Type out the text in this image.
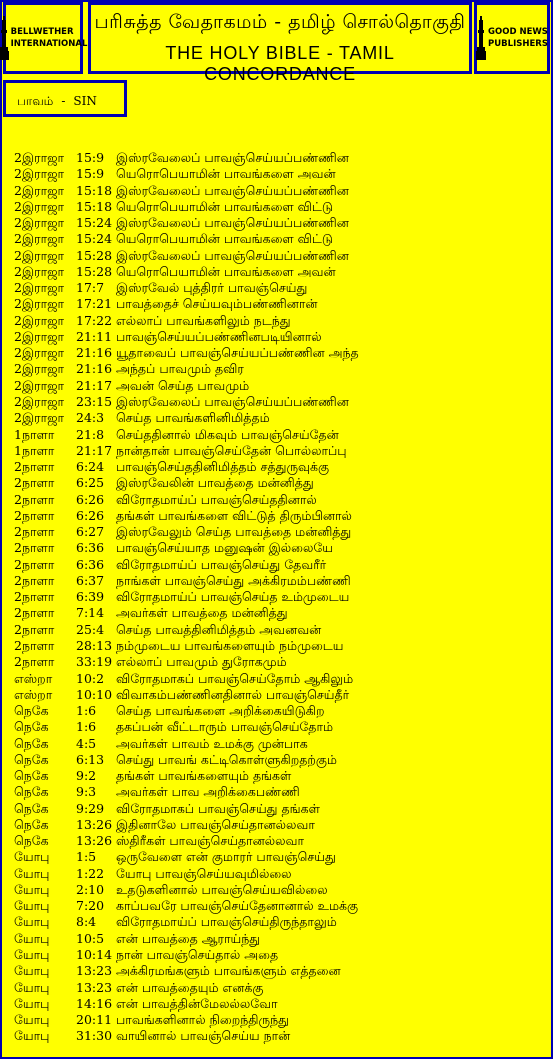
BELLWETHER
INTERNATIONAL
பரிசுத்த வேதாகமம் - தமிழ் சொல்தொகுதி
THE HOLY BIBLE - TAMIL CONCORDANCE
GOOD NEWS
PUBLISHERS
பாவம் - SIN
2இராஜா 15:9 இஸ்ரவேலைப் பாவஞ்செய்யப்பண்ணின
2இராஜா 15:9 யெரொபெயாமின் பாவங்களை அவன்
2இராஜா 15:18 இஸ்ரவேலைப் பாவஞ்செய்யப்பண்ணின
2இராஜா 15:18 யெரொபெயாமின் பாவங்களை விட்டு
2இராஜா 15:24 இஸ்ரவேலைப் பாவஞ்செய்யப்பண்ணின
2இராஜா 15:24 யெரொபெயாமின் பாவங்களை விட்டு
2இராஜா 15:28 இஸ்ரவேலைப் பாவஞ்செய்யப்பண்ணின
2இராஜா 15:28 யெரொபெயாமின் பாவங்களை அவன்
2இராஜா 17:7 இஸ்ரவேல் புத்திரர் பாவஞ்செய்து
2இராஜா 17:21 பாவத்தைச் செய்யவும்பண்ணினான்
2இராஜா 17:22 எல்லாப் பாவங்களிலும் நடந்து
2இராஜா 21:11 பாவஞ்செய்யப்பண்ணினபடியினால்
2இராஜா 21:16 யூதாவைப் பாவஞ்செய்யப்பண்ணின அந்த
2இராஜா 21:16 அந்தப் பாவமும் தவிர
2இராஜா 21:17 அவன் செய்த பாவமும்
2இராஜா 23:15 இஸ்ரவேலைப் பாவஞ்செய்யப்பண்ணின
2இராஜா 24:3 செய்த பாவங்களினிமித்தம்
1நாளா 21:8 செய்ததினால் மிகவும் பாவஞ்செய்தேன்
1நாளா 21:17 நான்தான் பாவஞ்செய்தேன் பொல்லாப்பு
2நாளா 6:24 பாவஞ்செய்ததினிமித்தம் சத்துருவுக்கு
2நாளா 6:25 இஸ்ரவேலின் பாவத்தை மன்னித்து
2நாளா 6:26 விரோதமாய்ப் பாவஞ்செய்ததினால்
2நாளா 6:26 தங்கள் பாவங்களை விட்டுத் திரும்பினால்
2நாளா 6:27 இஸ்ரவேலும் செய்த பாவத்தை மன்னித்து
2நாளா 6:36 பாவஞ்செய்யாத மனுஷன் இல்லையே
2நாளா 6:36 விரோதமாய்ப் பாவஞ்செய்து தேவரீர்
2நாளா 6:37 நாங்கள் பாவஞ்செய்து அக்கிரமம்பண்ணி
2நாளா 6:39 விரோதமாய்ப் பாவஞ்செய்த உம்முடைய
2நாளா 7:14 அவர்கள் பாவத்தை மன்னித்து
2நாளா 25:4 செய்த பாவத்தினிமித்தம் அவனவன்
2நாளா 28:13 நம்முடைய பாவங்களையும் நம்முடைய
2நாளா 33:19 எல்லாப் பாவமும் துரோகமும்
எஸ்றா 10:2 விரோதமாகப் பாவஞ்செய்தோம் ஆகிலும்
எஸ்றா 10:10 விவாகம்பண்ணினதினால் பாவஞ்செய்தீர்
நெகே 1:6 செய்த பாவங்களை அறிக்கையிடுகிற
நெகே 1:6 தகப்பன் வீட்டாரும் பாவஞ்செய்தோம்
நெகே 4:5 அவர்கள் பாவம் உமக்கு முன்பாக
நெகே 6:13 செய்து பாவங் கட்டிகொள்ளுகிறதற்கும்
நெகே 9:2 தங்கள் பாவங்களையும் தங்கள்
நெகே 9:3 அவர்கள் பாவ அறிக்கைபண்ணி
நெகே 9:29 விரோதமாகப் பாவஞ்செய்து தங்கள்
நெகே 13:26 இதினாலே பாவஞ்செய்தானல்லவா
நெகே 13:26 ஸ்திரீகள் பாவஞ்செய்தானல்லவா
யோபு 1:5 ஒருவேளை என் குமாரர் பாவஞ்செய்து
யோபு 1:22 யோபு பாவஞ்செய்யவுமில்லை
யோபு 2:10 உதடுகளினால் பாவஞ்செய்யவில்லை
யோபு 7:20 காப்பவரே பாவஞ்செய்தேனானால் உமக்கு
யோபு 8:4 விரோதமாய்ப் பாவஞ்செய்திருந்தாலும்
யோபு 10:5 என் பாவத்தை ஆராய்ந்து
யோபு 10:14 நான் பாவஞ்செய்தால் அதை
யோபு 13:23 அக்கிரமங்களும் பாவங்களும் எத்தனை
யோபு 13:23 என் பாவத்தையும் எனக்கு
யோபு 14:16 என் பாவத்தின்மேலல்லவோ
யோபு 20:11 பாவங்களினால் நிறைந்திருந்து
யோபு 31:30 வாயினால் பாவஞ்செய்ய நான்
